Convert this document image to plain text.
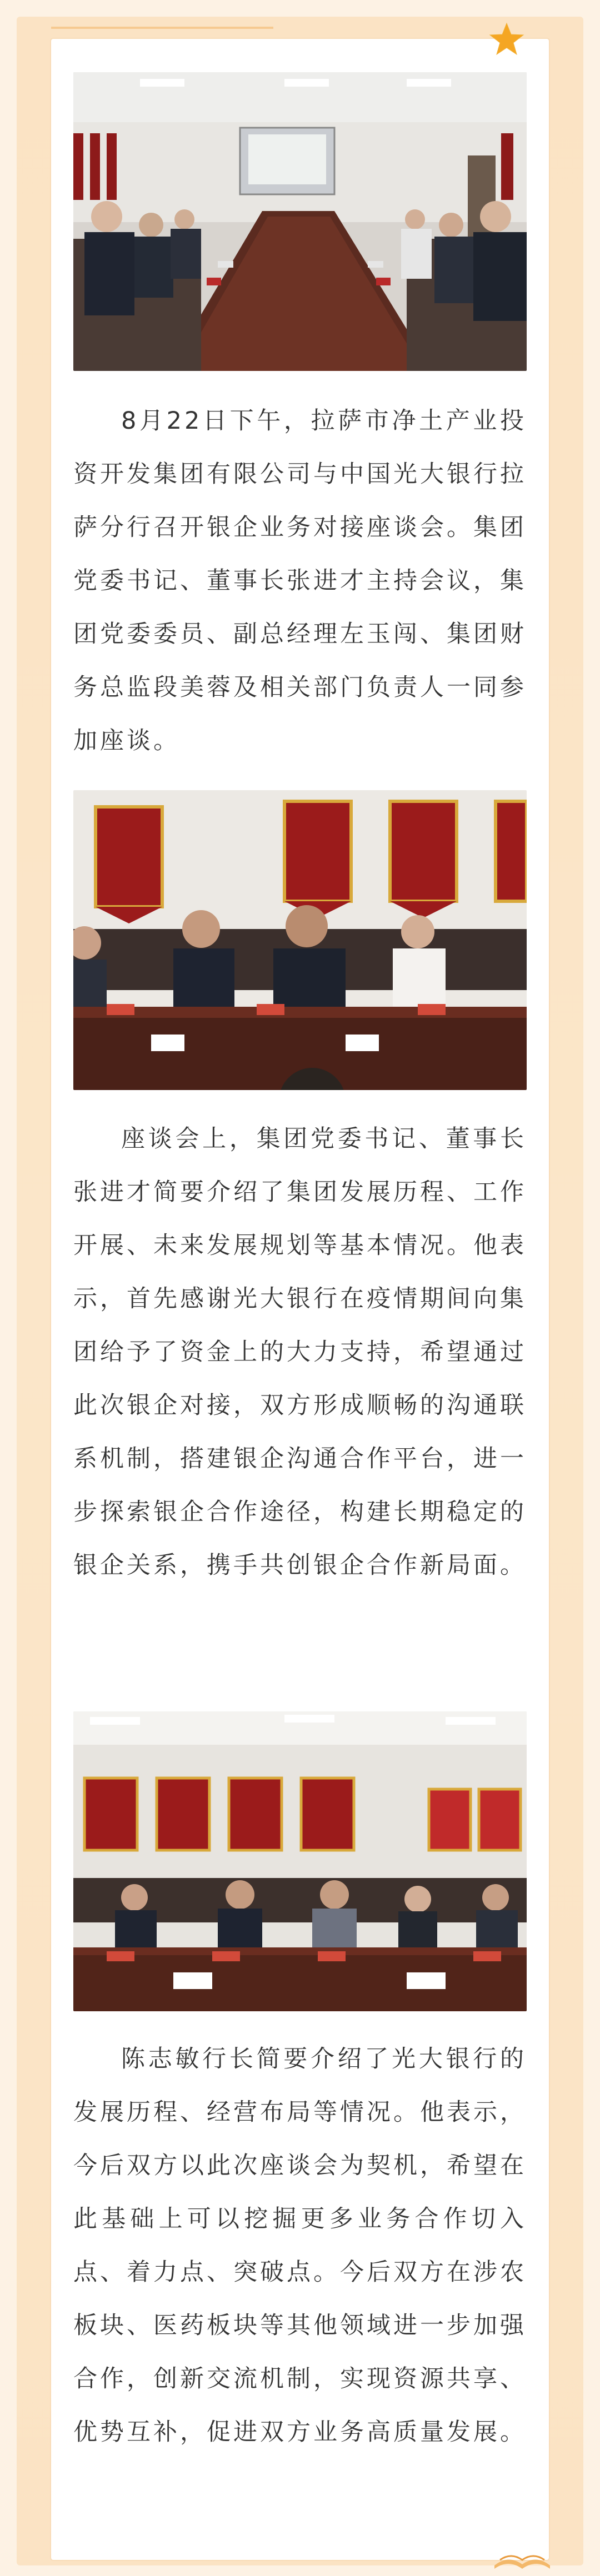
8月22日下午，拉萨市净土产业投资开发集团有限公司与中国光大银行拉萨分行召开银企业务对接座谈会。集团党委书记、董事长张进才主持会议，集团党委委员、副总经理左玉闯、集团财务总监段美蓉及相关部门负责人一同参加座谈。

座谈会上，集团党委书记、董事长张进才简要介绍了集团发展历程、工作开展、未来发展规划等基本情况。他表示，首先感谢光大银行在疫情期间向集团给予了资金上的大力支持，希望通过此次银企对接，双方形成顺畅的沟通联系机制，搭建银企沟通合作平台，进一步探索银企合作途径，构建长期稳定的银企关系，携手共创银企合作新局面。

陈志敏行长简要介绍了光大银行的发展历程、经营布局等情况。他表示，今后双方以此次座谈会为契机，希望在此基础上可以挖掘更多业务合作切入点、着力点、突破点。今后双方在涉农板块、医药板块等其他领域进一步加强合作，创新交流机制，实现资源共享、优势互补，促进双方业务高质量发展。
